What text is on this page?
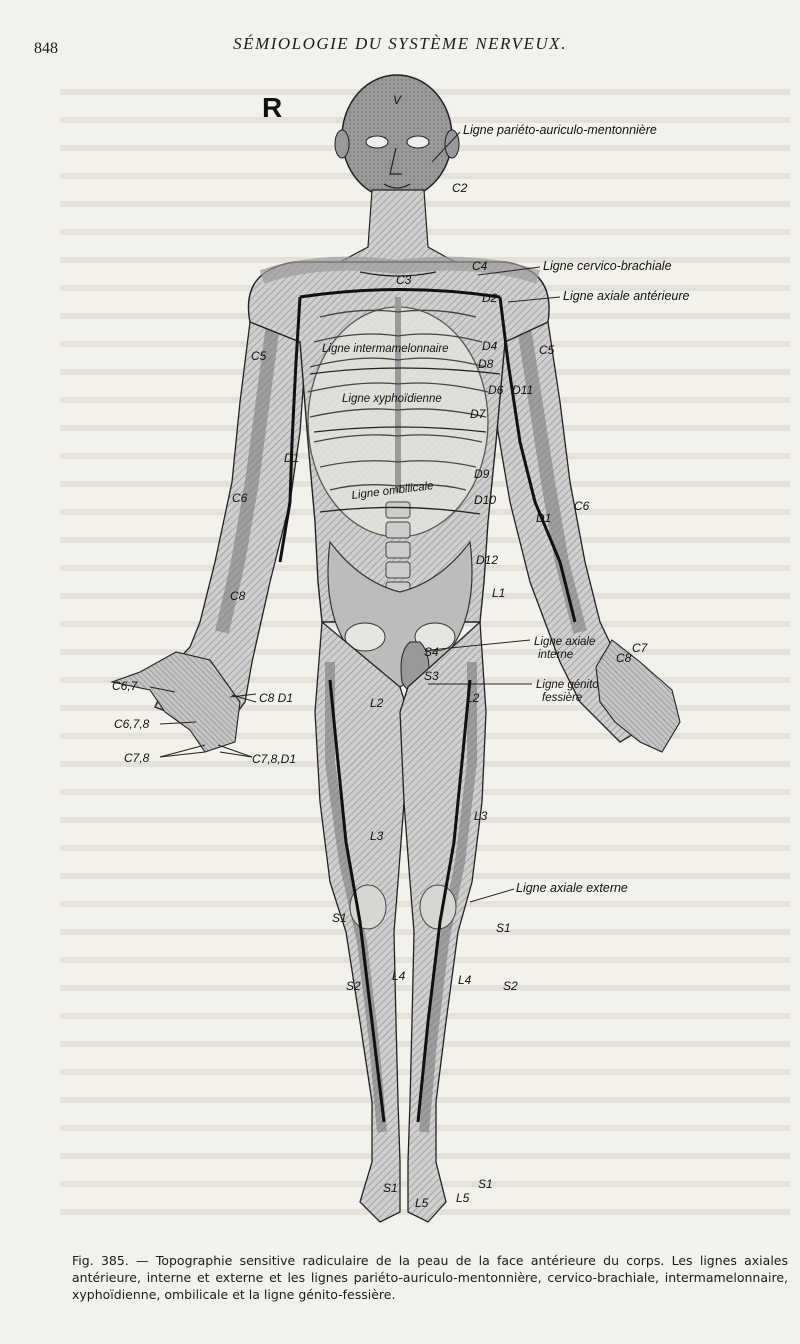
848	SÉMIOLOGIE DU SYSTÈME NERVEUX.
R
Ligne pariéto-auriculo-mentonnière
Ligne cervico-brachiale
Ligne axiale antérieure
Ligne intermamelonnaire
Ligne xyphoïdienne
Ligne ombilicale
Ligne axiale
interne
Ligne génito
fessière
Ligne axiale externe
V
C2
C3
C4
D2
D4
D8
D6
D7
D11
D9
D10
D12
L1
C5	C5
D1
D1
C6
C6
C8
C8
C7
L2	L2
S4
S3
L3
L3
S1
S1
L4	L4
S2	S2
S1
L5 L5
S1
C6,7
C8 D1
C6,7,8
C7,8	C7,8,D1
Fig. 385. — Topographie sensitive radiculaire de la peau de la face antérieure du corps. Les lignes axiales antérieure, interne et externe et les lignes pariéto-auriculo-mentonnière, cervico-brachiale, intermamelonnaire, xyphoïdienne, ombilicale et la ligne génito-fessière.
